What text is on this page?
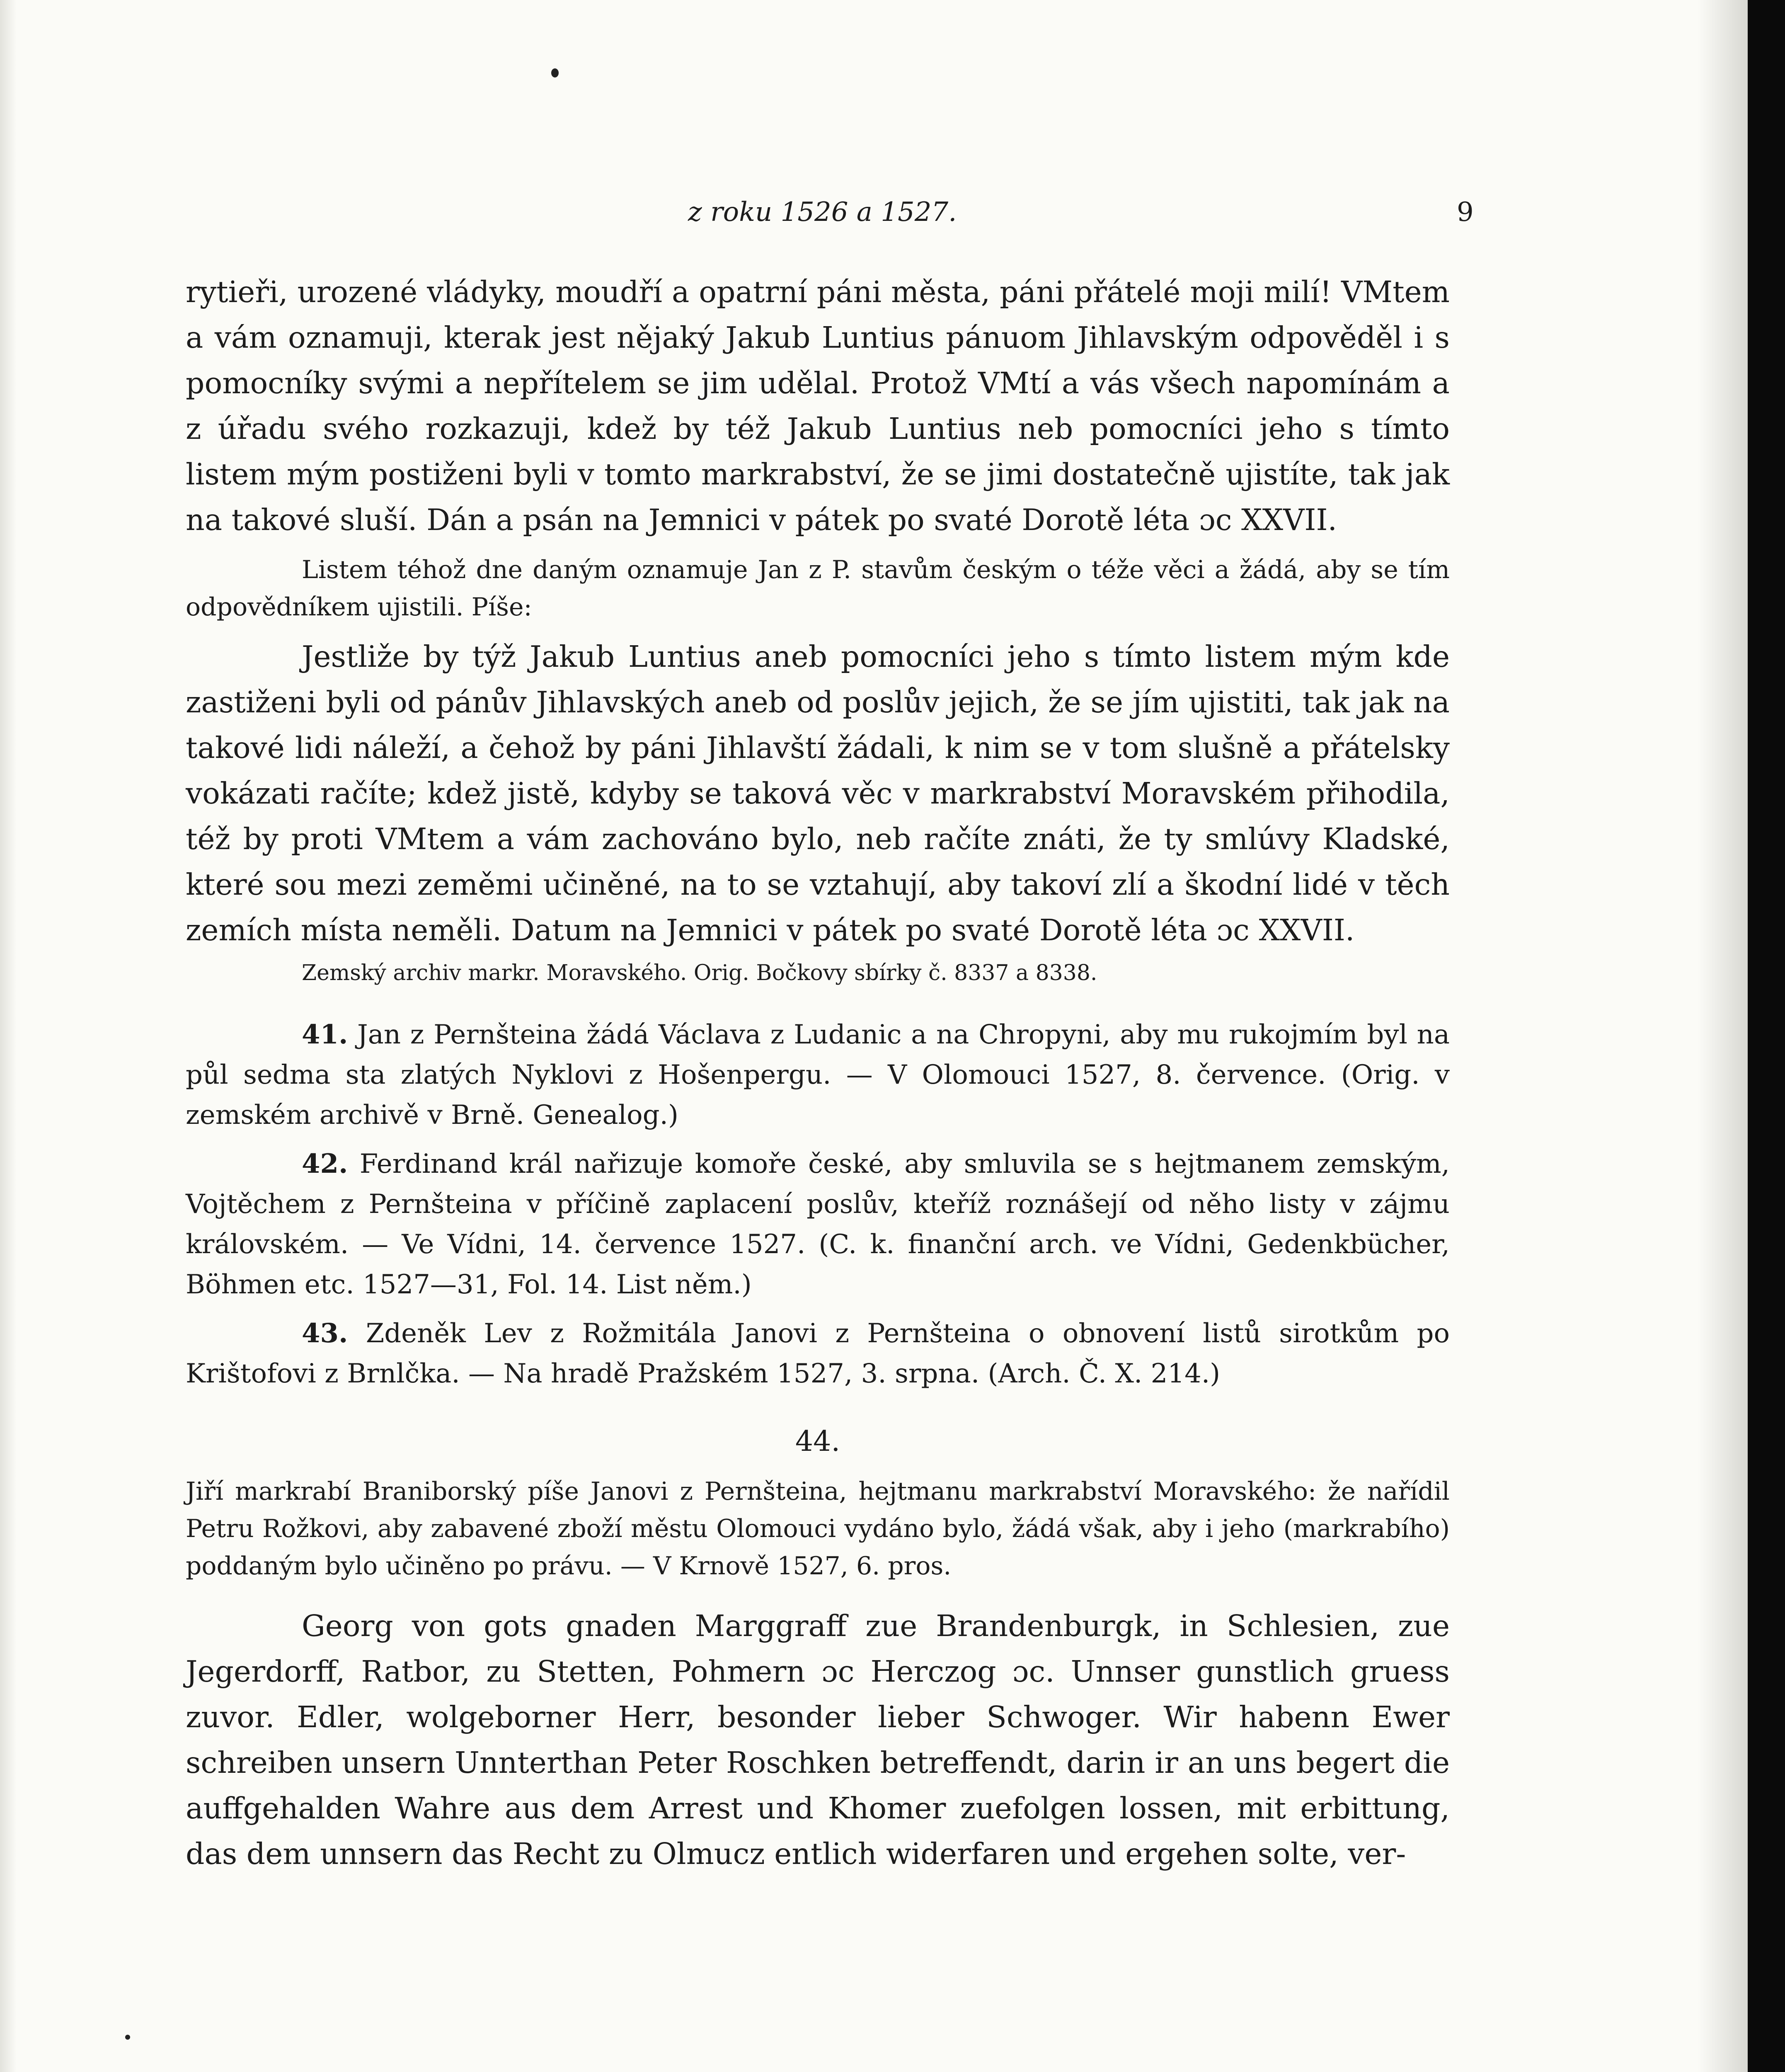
z roku 1526 a 1527.	9

rytieři, urozené vládyky, moudří a opatrní páni města, páni přátelé moji milí! VMtem a vám oznamuji, kterak jest nějaký Jakub Luntius pánuom Jihlavským odpověděl i s pomocníky svými a nepřítelem se jim udělal. Protož VMtí a vás všech napomínám a z úřadu svého rozkazuji, kdež by též Jakub Luntius neb pomocníci jeho s tímto listem mým postiženi byli v tomto markrabství, že se jimi dostatečně ujistíte, tak jak na takové sluší. Dán a psán na Jemnici v pátek po svaté Dorotě léta ɔc XXVII.

Listem téhož dne daným oznamuje Jan z P. stavům českým o téže věci a žádá, aby se tím odpovědníkem ujistili. Píše:

Jestliže by týž Jakub Luntius aneb pomocníci jeho s tímto listem mým kde zastiženi byli od pánův Jihlavských aneb od poslův jejich, že se jím ujistiti, tak jak na takové lidi náleží, a čehož by páni Jihlavští žádali, k nim se v tom slušně a přátelsky vokázati račíte; kdež jistě, kdyby se taková věc v markrabství Moravském přihodila, též by proti VMtem a vám zachováno bylo, neb račíte znáti, že ty smlúvy Kladské, které sou mezi zeměmi učiněné, na to se vztahují, aby takoví zlí a škodní lidé v těch zemích místa neměli. Datum na Jemnici v pátek po svaté Dorotě léta ɔc XXVII.

Zemský archiv markr. Moravského. Orig. Bočkovy sbírky č. 8337 a 8338.

41. Jan z Pernšteina žádá Václava z Ludanic a na Chropyni, aby mu rukojmím byl na půl sedma sta zlatých Nyklovi z Hošenpergu. — V Olomouci 1527, 8. července. (Orig. v zemském archivě v Brně. Genealog.)

42. Ferdinand král nařizuje komoře české, aby smluvila se s hejtmanem zemským, Vojtěchem z Pernšteina v příčině zaplacení poslův, kteříž roznášejí od něho listy v zájmu královském. — Ve Vídni, 14. července 1527. (C. k. finanční arch. ve Vídni, Gedenkbücher, Böhmen etc. 1527—31, Fol. 14. List něm.)

43. Zdeněk Lev z Rožmitála Janovi z Pernšteina o obnovení listů sirotkům po Krištofovi z Brnlčka. — Na hradě Pražském 1527, 3. srpna. (Arch. Č. X. 214.)

44.

Jiří markrabí Braniborský píše Janovi z Pernšteina, hejtmanu markrabství Moravského: že nařídil Petru Rožkovi, aby zabavené zboží městu Olomouci vydáno bylo, žádá však, aby i jeho (markrabího) poddaným bylo učiněno po právu. — V Krnově 1527, 6. pros.

Georg von gots gnaden Marggraff zue Brandenburgk, in Schlesien, zue Jegerdorff, Ratbor, zu Stetten, Pohmern ɔc Herczog ɔc. Unnser gunstlich gruess zuvor. Edler, wolgeborner Herr, besonder lieber Schwoger. Wir habenn Ewer schreiben unsern Unnterthan Peter Roschken betreffendt, darin ir an uns begert die auffgehalden Wahre aus dem Arrest und Khomer zuefolgen lossen, mit erbittung, das dem unnsern das Recht zu Olmucz entlich widerfaren und ergehen solte, ver-
